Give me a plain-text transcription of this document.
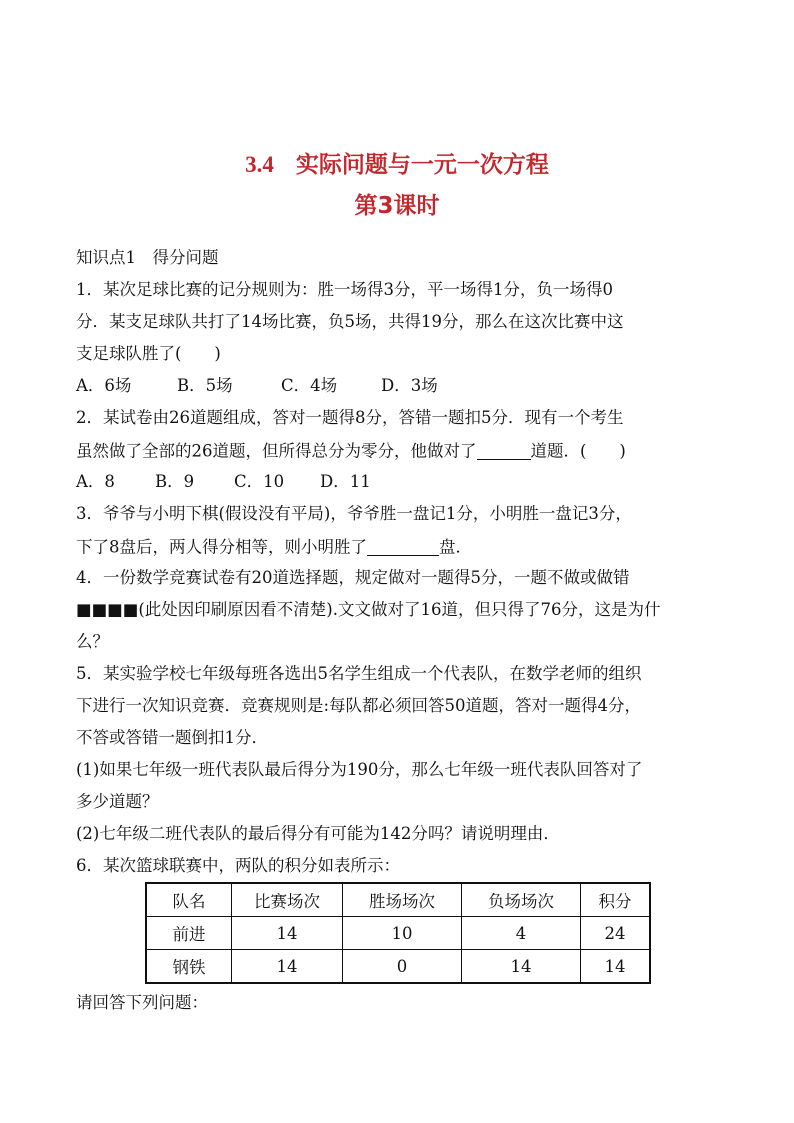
3.4 实际问题与一元一次方程
第3课时
知识点1　得分问题
1．某次足球比赛的记分规则为：胜一场得3分，平一场得1分，负一场得0
分．某支足球队共打了14场比赛，负5场，共得19分，那么在这次比赛中这
支足球队胜了(　　)
A．6场	B．5场	C．4场	D．3场
2．某试卷由26道题组成，答对一题得8分，答错一题扣5分．现有一个考生
虽然做了全部的26道题，但所得总分为零分，他做对了	道题．(　　)
A．8 B．9 C．10 D．11
3．爷爷与小明下棋(假设没有平局)，爷爷胜一盘记1分，小明胜一盘记3分，
下了8盘后，两人得分相等，则小明胜了	盘．
4．一份数学竞赛试卷有20道选择题，规定做对一题得5分，一题不做或做错
■■■■(此处因印刷原因看不清楚).文文做对了16道，但只得了76分，这是为什
么？
5．某实验学校七年级每班各选出5名学生组成一个代表队，在数学老师的组织
下进行一次知识竞赛．竞赛规则是:每队都必须回答50道题，答对一题得4分，
不答或答错一题倒扣1分．
(1)如果七年级一班代表队最后得分为190分，那么七年级一班代表队回答对了
多少道题？
(2)七年级二班代表队的最后得分有可能为142分吗？请说明理由．
6．某次篮球联赛中，两队的积分如表所示：
队名	比赛场次	胜场场次	负场场次	积分
前进	14	10	4	24
钢铁	14	0	14	14
请回答下列问题：
